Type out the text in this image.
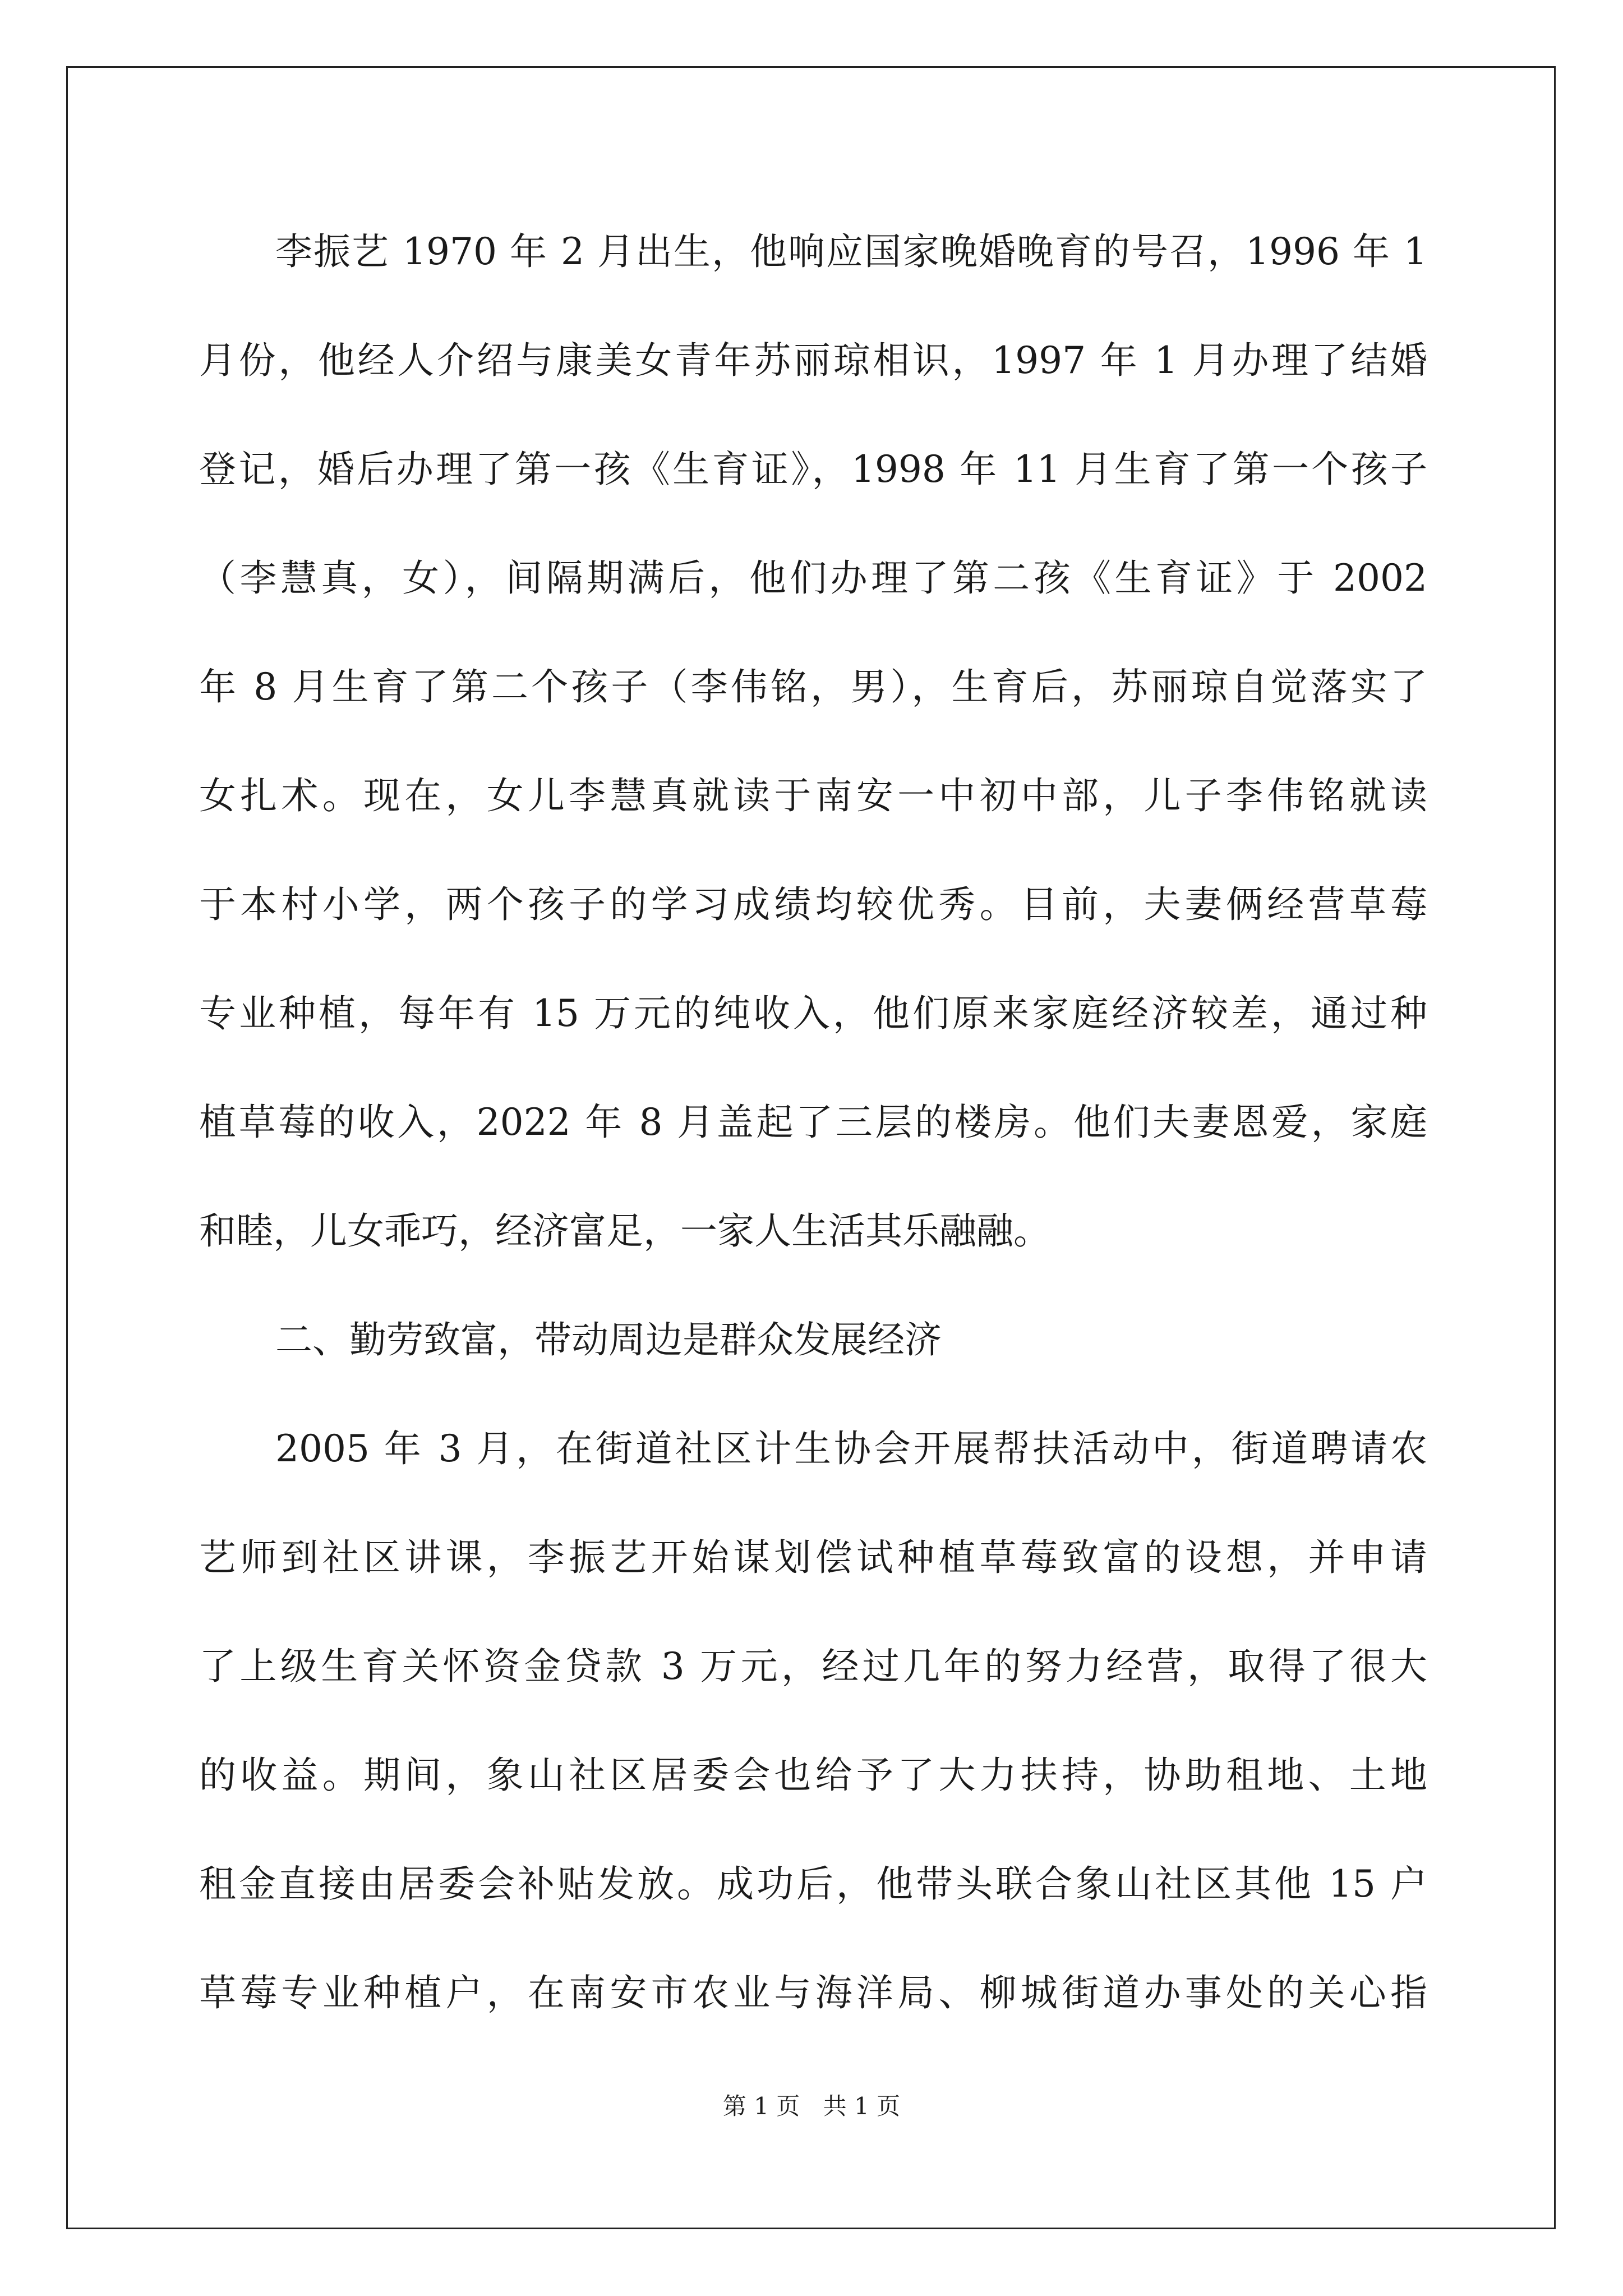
李振艺 1970 年 2 月出生，他响应国家晚婚晚育的号召，1996 年 1
月份，他经人介绍与康美女青年苏丽琼相识，1997 年 1 月办理了结婚
登记，婚后办理了第一孩《生育证》，1998 年 11 月生育了第一个孩子
（李慧真，女），间隔期满后，他们办理了第二孩《生育证》于 2002
年 8 月生育了第二个孩子（李伟铭，男），生育后，苏丽琼自觉落实了
女扎术。现在，女儿李慧真就读于南安一中初中部，儿子李伟铭就读
于本村小学，两个孩子的学习成绩均较优秀。目前，夫妻俩经营草莓
专业种植，每年有 15 万元的纯收入，他们原来家庭经济较差，通过种
植草莓的收入，2022 年 8 月盖起了三层的楼房。他们夫妻恩爱，家庭
和睦，儿女乖巧，经济富足，一家人生活其乐融融。
二、勤劳致富，带动周边是群众发展经济
2005 年 3 月，在街道社区计生协会开展帮扶活动中，街道聘请农
艺师到社区讲课，李振艺开始谋划偿试种植草莓致富的设想，并申请
了上级生育关怀资金贷款 3 万元，经过几年的努力经营，取得了很大
的收益。期间，象山社区居委会也给予了大力扶持，协助租地、土地
租金直接由居委会补贴发放。成功后，他带头联合象山社区其他 15 户
草莓专业种植户，在南安市农业与海洋局、柳城街道办事处的关心指
第 1 页 共 1 页
